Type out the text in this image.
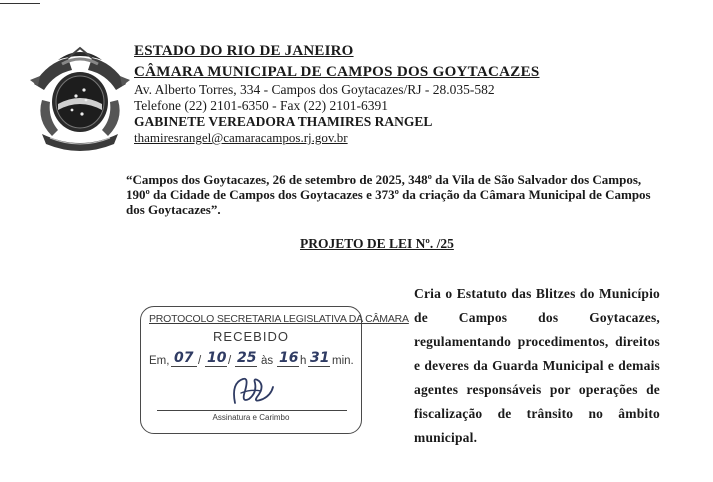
ESTADO DO RIO DE JANEIRO

CÂMARA MUNICIPAL DE CAMPOS DOS GOYTACAZES

Av. Alberto Torres, 334 - Campos dos Goytacazes/RJ - 28.035-582

Telefone (22) 2101-6350 - Fax (22) 2101-6391

GABINETE VEREADORA THAMIRES RANGEL

thamiresrangel@camaracampos.rj.gov.br

“Campos dos Goytacazes, 26 de setembro de 2025, 348º da Vila de São Salvador dos Campos, 190º da Cidade de Campos dos Goytacazes e 373º da criação da Câmara Municipal de Campos dos Goytacazes”.

PROJETO DE LEI Nº. /25

PROTOCOLO SECRETARIA LEGISLATIVA DA CÂMARA
RECEBIDO
Em, 07 / 10 / 25 às 16 h 31 min.
Assinatura e Carimbo

Cria o Estatuto das Blitzes do Município de Campos dos Goytacazes, regulamentando procedimentos, direitos e deveres da Guarda Municipal e demais agentes responsáveis por operações de fiscalização de trânsito no âmbito municipal.
